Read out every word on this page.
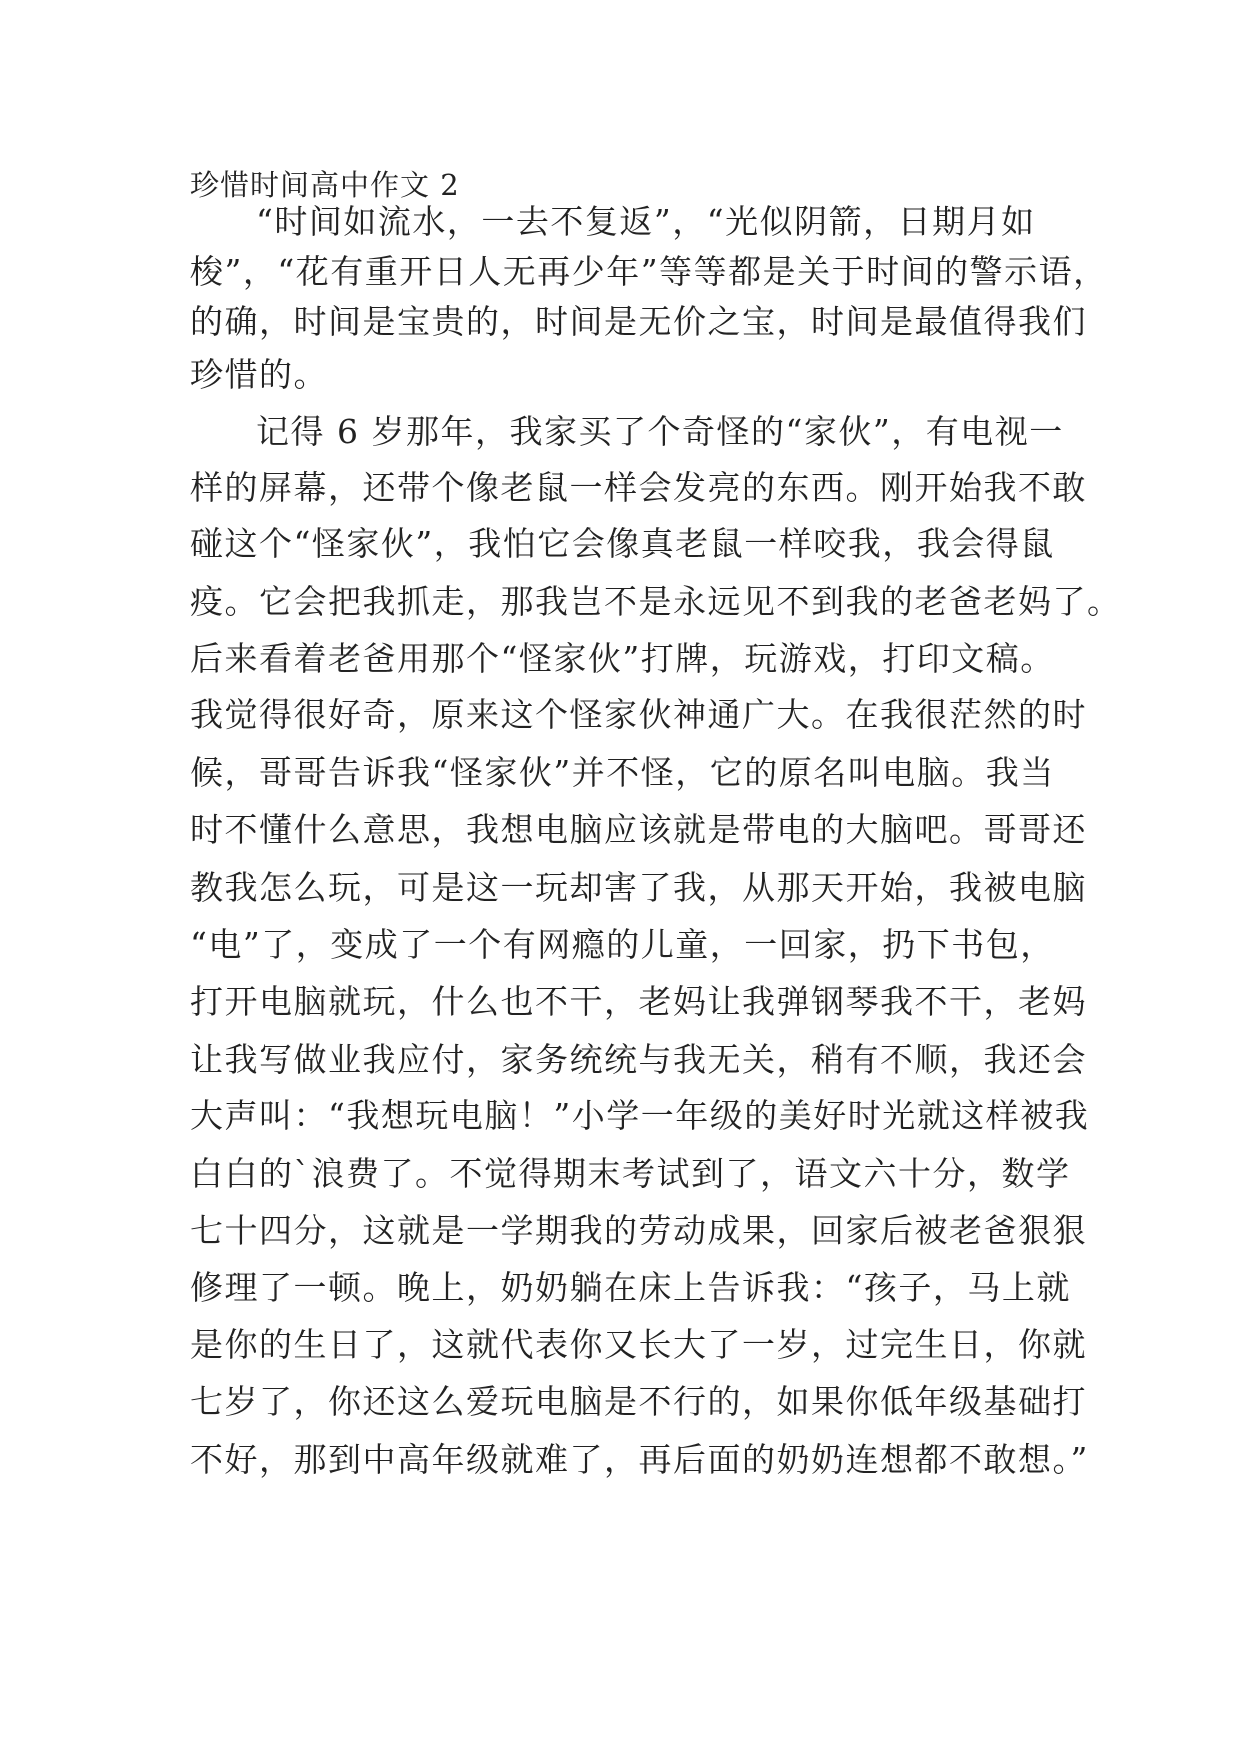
珍惜时间高中作文 2
“时间如流水，一去不复返”，“光似阴箭，日期月如
梭”，“花有重开日人无再少年”等等都是关于时间的警示语，
的确，时间是宝贵的，时间是无价之宝，时间是最值得我们
珍惜的。
记得 6 岁那年，我家买了个奇怪的“家伙”，有电视一
样的屏幕，还带个像老鼠一样会发亮的东西。刚开始我不敢
碰这个“怪家伙”，我怕它会像真老鼠一样咬我，我会得鼠
疫。它会把我抓走，那我岂不是永远见不到我的老爸老妈了。
后来看着老爸用那个“怪家伙”打牌，玩游戏，打印文稿。
我觉得很好奇，原来这个怪家伙神通广大。在我很茫然的时
候，哥哥告诉我“怪家伙”并不怪，它的原名叫电脑。我当
时不懂什么意思，我想电脑应该就是带电的大脑吧。哥哥还
教我怎么玩，可是这一玩却害了我，从那天开始，我被电脑
“电”了，变成了一个有网瘾的儿童，一回家，扔下书包，
打开电脑就玩，什么也不干，老妈让我弹钢琴我不干，老妈
让我写做业我应付，家务统统与我无关，稍有不顺，我还会
大声叫：“我想玩电脑！”小学一年级的美好时光就这样被我
白白的`浪费了。不觉得期末考试到了，语文六十分，数学
七十四分，这就是一学期我的劳动成果，回家后被老爸狠狠
修理了一顿。晚上，奶奶躺在床上告诉我：“孩子，马上就
是你的生日了，这就代表你又长大了一岁，过完生日，你就
七岁了，你还这么爱玩电脑是不行的，如果你低年级基础打
不好，那到中高年级就难了，再后面的奶奶连想都不敢想。”
